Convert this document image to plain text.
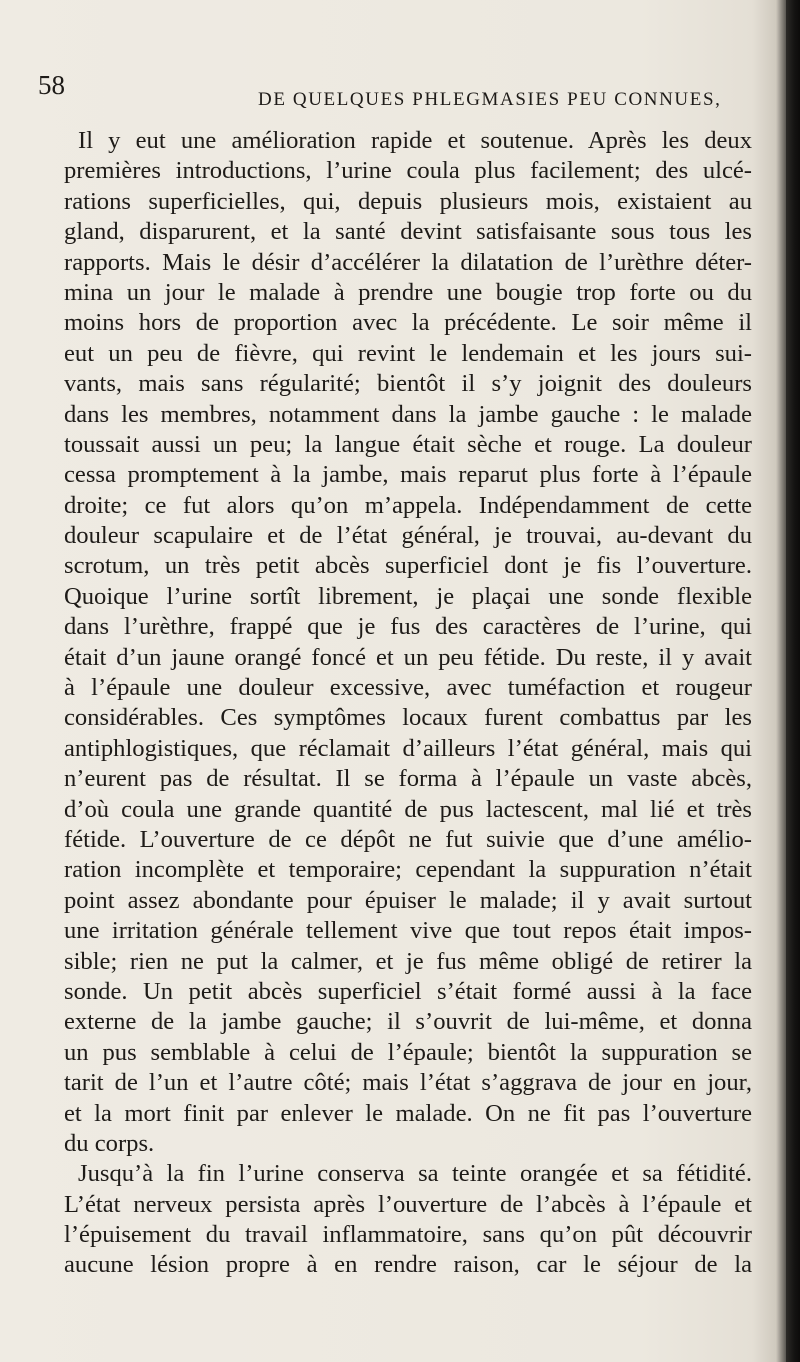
58	DE QUELQUES PHLEGMASIES PEU CONNUES,
Il y eut une amélioration rapide et soutenue. Après les deux
premières introductions, l’urine coula plus facilement; des ulcé-
rations superficielles, qui, depuis plusieurs mois, existaient au
gland, disparurent, et la santé devint satisfaisante sous tous les
rapports. Mais le désir d’accélérer la dilatation de l’urèthre déter-
mina un jour le malade à prendre une bougie trop forte ou du
moins hors de proportion avec la précédente. Le soir même il
eut un peu de fièvre, qui revint le lendemain et les jours sui-
vants, mais sans régularité; bientôt il s’y joignit des douleurs
dans les membres, notamment dans la jambe gauche : le malade
toussait aussi un peu; la langue était sèche et rouge. La douleur
cessa promptement à la jambe, mais reparut plus forte à l’épaule
droite; ce fut alors qu’on m’appela. Indépendamment de cette
douleur scapulaire et de l’état général, je trouvai, au-devant du
scrotum, un très petit abcès superficiel dont je fis l’ouverture.
Quoique l’urine sortît librement, je plaçai une sonde flexible
dans l’urèthre, frappé que je fus des caractères de l’urine, qui
était d’un jaune orangé foncé et un peu fétide. Du reste, il y avait
à l’épaule une douleur excessive, avec tuméfaction et rougeur
considérables. Ces symptômes locaux furent combattus par les
antiphlogistiques, que réclamait d’ailleurs l’état général, mais qui
n’eurent pas de résultat. Il se forma à l’épaule un vaste abcès,
d’où coula une grande quantité de pus lactescent, mal lié et très
fétide. L’ouverture de ce dépôt ne fut suivie que d’une amélio-
ration incomplète et temporaire; cependant la suppuration n’était
point assez abondante pour épuiser le malade; il y avait surtout
une irritation générale tellement vive que tout repos était impos-
sible; rien ne put la calmer, et je fus même obligé de retirer la
sonde. Un petit abcès superficiel s’était formé aussi à la face
externe de la jambe gauche; il s’ouvrit de lui-même, et donna
un pus semblable à celui de l’épaule; bientôt la suppuration se
tarit de l’un et l’autre côté; mais l’état s’aggrava de jour en jour,
et la mort finit par enlever le malade. On ne fit pas l’ouverture
du corps.
Jusqu’à la fin l’urine conserva sa teinte orangée et sa fétidité.
L’état nerveux persista après l’ouverture de l’abcès à l’épaule et
l’épuisement du travail inflammatoire, sans qu’on pût découvrir
aucune lésion propre à en rendre raison, car le séjour de la
